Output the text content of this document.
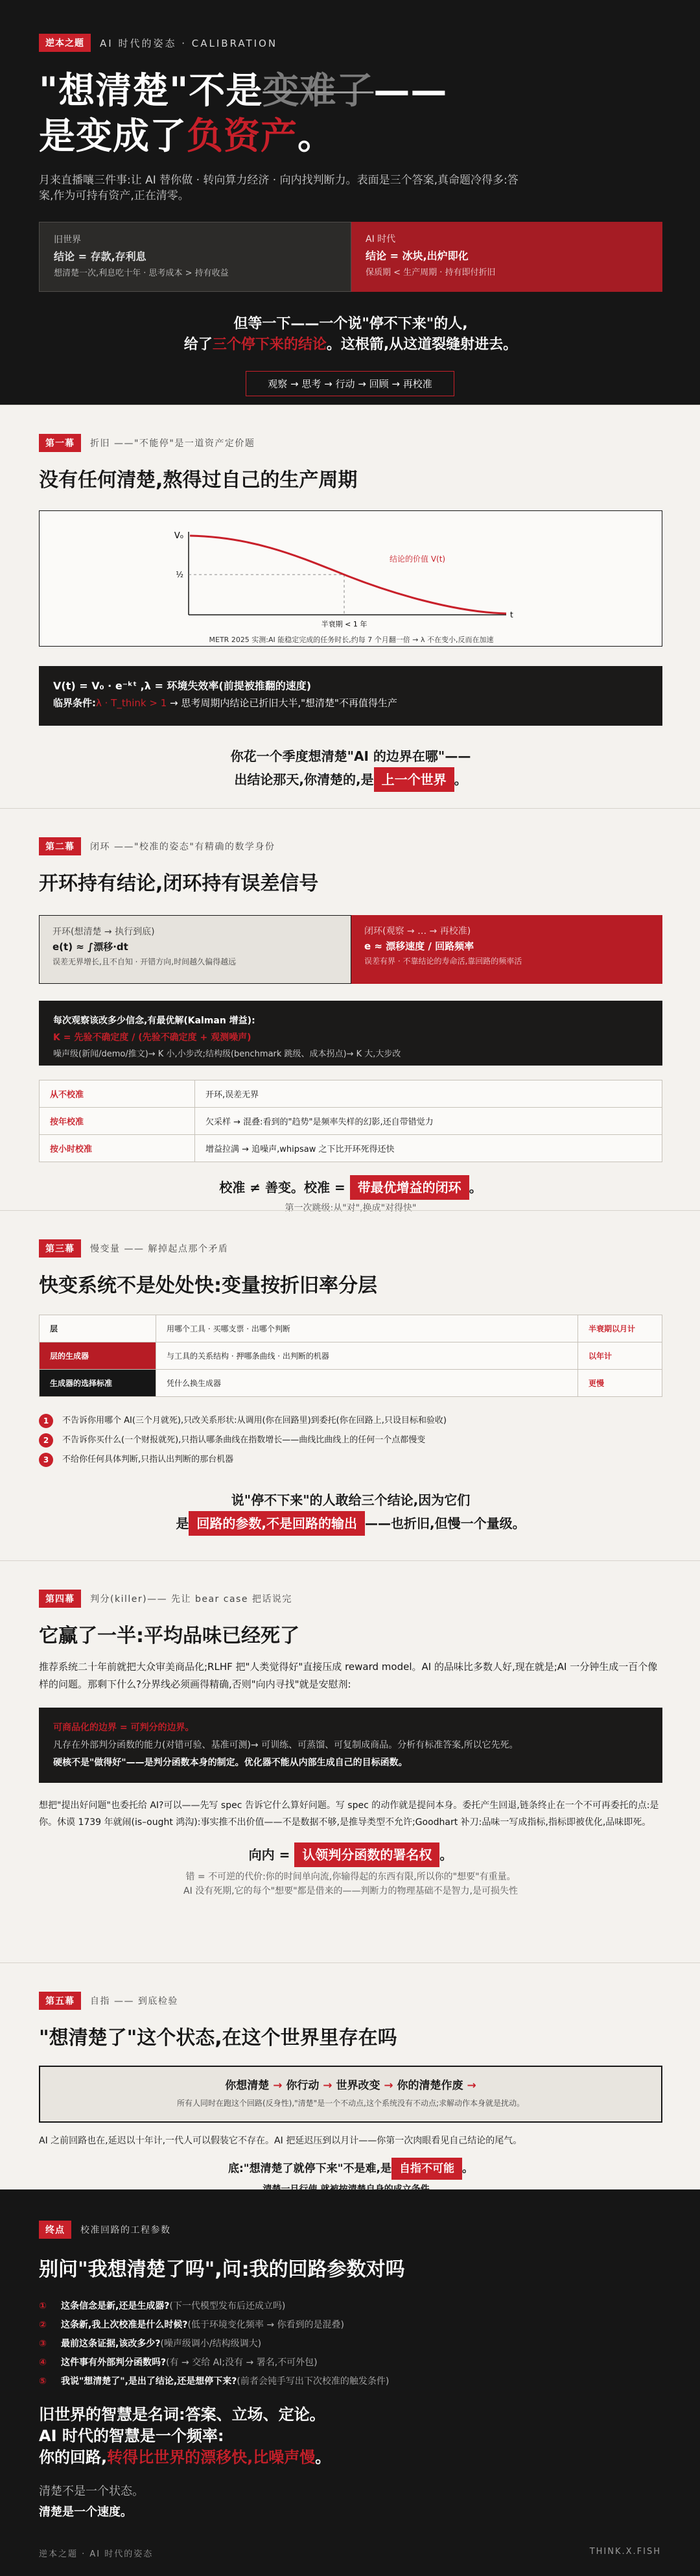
逆本之题	AI 时代的姿态 · CALIBRATION
"想清楚"不是变难了——
是变成了负资产。

月来直播嚷三件事:让 AI 替你做 · 转向算力经济 · 向内找判断力。表面是三个答案,真命题冷得多:答案,作为可持有资产,正在清零。

旧世界
结论 = 存款,存利息
想清楚一次,利息吃十年 · 思考成本 > 持有收益
AI 时代
结论 = 冰块,出炉即化
保质期 < 生产周期 · 持有即付折旧
但等一下——一个说"停不下来"的人,
给了三个停下来的结论。这根箭,从这道裂缝射进去。
观察 → 思考 → 行动 → 回顾 → 再校准
第一幕	折旧 ——"不能停"是一道资产定价题
没有任何清楚,熬得过自己的生产周期
V₀
½
结论的价值 V(t)
半衰期 < 1 年
t
METR 2025 实测:AI 能稳定完成的任务时长,约每 7 个月翻一倍 → λ 不在变小,反而在加速
V(t) = V₀ · e⁻ᵏᵗ ,λ = 环境失效率(前提被推翻的速度)
临界条件:λ · T_think > 1 → 思考周期内结论已折旧大半,"想清楚"不再值得生产
你花一个季度想清楚"AI 的边界在哪"——
出结论那天,你清楚的,是 上一个世界 。
第二幕	闭环 ——"校准的姿态"有精确的数学身份
开环持有结论,闭环持有误差信号
开环(想清楚 → 执行到底)
e(t) ≈ ∫漂移·dt
误差无界增长,且不自知 · 开错方向,时间越久偏得越远
闭环(观察 → … → 再校准)
e ≈ 漂移速度 / 回路频率
误差有界 · 不靠结论的寿命活,靠回路的频率活
每次观察该改多少信念,有最优解(Kalman 增益):
K = 先验不确定度 / (先验不确定度 + 观测噪声)
噪声级(新闻/demo/推文)→ K 小,小步改;结构级(benchmark 跳级、成本拐点)→ K 大,大步改
从不校准	开环,误差无界
按年校准	欠采样 → 混叠:看到的"趋势"是频率失样的幻影,还自带错觉力
按小时校准	增益拉满 → 追噪声,whipsaw 之下比开环死得还快
校准 ≠ 善变。校准 = 带最优增益的闭环 。
第一次跳级:从"对",换成"对得快"
第三幕	慢变量 —— 解掉起点那个矛盾
快变系统不是处处快:变量按折旧率分层
层	用哪个工具 · 买哪支票 · 出哪个判断	半衰期以月计
层的生成器	与工具的关系结构 · 押哪条曲线 · 出判断的机器	以年计
生成器的选择标准	凭什么换生成器	更慢
1	不告诉你用哪个 AI(三个月就死),只改关系形状:从调用(你在回路里)到委托(你在回路上,只设目标和验收)
2	不告诉你买什么(一个财报就死),只指认哪条曲线在指数增长——曲线比曲线上的任何一个点都慢变
3	不给你任何具体判断,只指认出判断的那台机器
说"停不下来"的人敢给三个结论,因为它们
是 回路的参数,不是回路的输出 ——也折旧,但慢一个量级。
第四幕	判分(killer)—— 先让 bear case 把话说完
它赢了一半:平均品味已经死了

推荐系统二十年前就把大众审美商品化;RLHF 把"人类觉得好"直接压成 reward model。AI 的品味比多数人好,现在就是;AI 一分钟生成一百个像样的问题。那剩下什么?分界线必须画得精确,否则"向内寻找"就是安慰剂:

可商品化的边界 = 可判分的边界。
凡存在外部判分函数的能力(对错可验、基准可测)→ 可训练、可蒸馏、可复制成商品。分析有标准答案,所以它先死。
硬核不是"做得好"——是判分函数本身的制定。优化器不能从内部生成自己的目标函数。

想把"提出好问题"也委托给 AI?可以——先写 spec 告诉它什么算好问题。写 spec 的动作就是提问本身。委托产生回退,链条终止在一个不可再委托的点:是你。休谟 1739 年就闹(is–ought 鸿沟):事实推不出价值——不是数据不够,是推导类型不允许;Goodhart 补刀:品味一写成指标,指标即被优化,品味即死。

向内 = 认领判分函数的署名权 。
错 = 不可逆的代价:你的时间单向流,你输得起的东西有限,所以你的"想要"有重量。
AI 没有死期,它的每个"想要"都是借来的——判断力的物理基础不是智力,是可损失性
第五幕	自指 —— 到底检验
"想清楚了"这个状态,在这个世界里存在吗
你想清楚 → 你行动 → 世界改变 → 你的清楚作废 →
所有人同时在跑这个回路(反身性),"清楚"是一个不动点,这个系统没有不动点;求解动作本身就是扰动。

AI 之前回路也在,延迟以十年计,一代人可以假装它不存在。AI 把延迟压到以月计——你第一次肉眼看见自己结论的尾气。

底:"想清楚了就停下来"不是难,是 自指不可能 。
终点	校准回路的工程参数
别问"我想清楚了吗",问:我的回路参数对吗
①	这条信念是新,还是生成器?(下一代模型发布后还成立吗)
②	这条新,我上次校准是什么时候?(低于环境变化频率 → 你看到的是混叠)
③	最前这条证据,该改多少?(噪声级调小/结构级调大)
④	这件事有外部判分函数吗?(有 → 交给 AI;没有 → 署名,不可外包)
⑤	我说"想清楚了",是出了结论,还是想停下来?(前者会钝手写出下次校准的触发条件)
旧世界的智慧是名词:答案、立场、定论。
AI 时代的智慧是一个频率:
你的回路,转得比世界的漂移快,比噪声慢。
清楚不是一个状态。
清楚是一个速度。
逆本之题 · AI 时代的姿态	THINK.X.FISH
